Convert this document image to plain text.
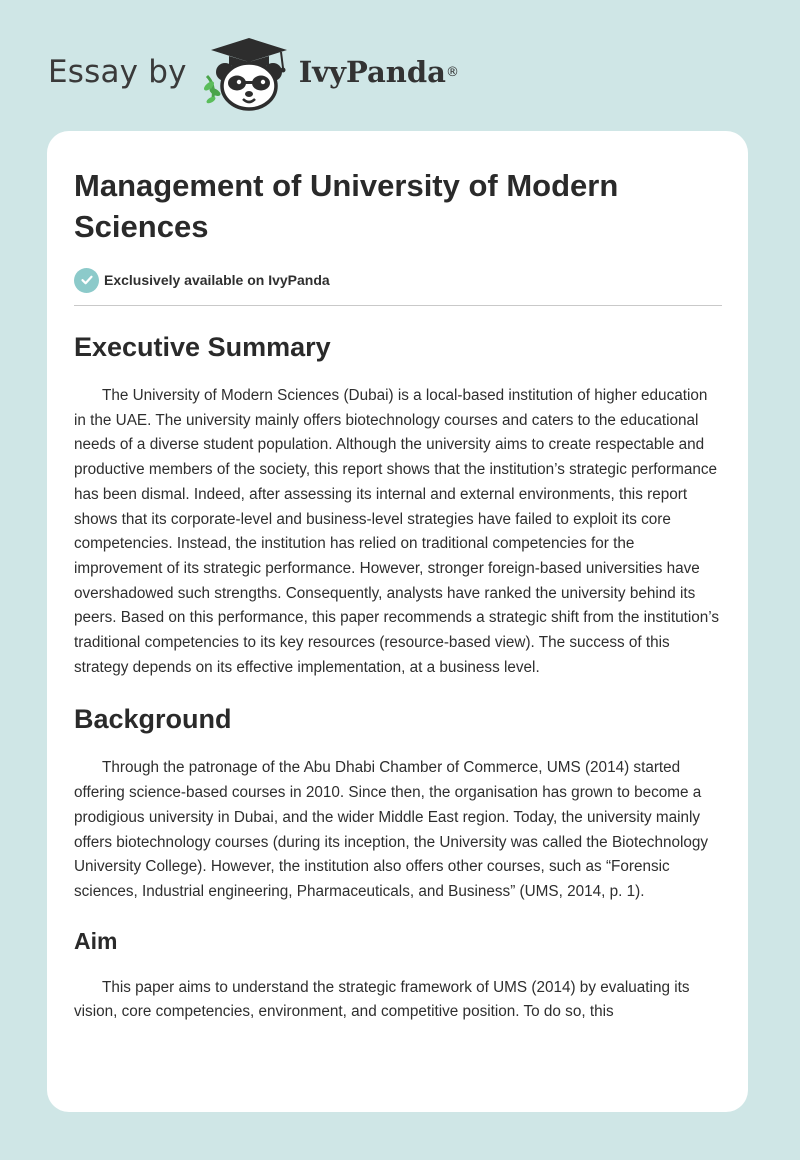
Essay by	IvyPanda ®
Management of University of Modern Sciences
Exclusively available on IvyPanda
Executive Summary

The University of Modern Sciences (Dubai) is a local-based institution of higher education in the UAE. The university mainly offers biotechnology courses and caters to the educational needs of a diverse student population. Although the university aims to create respectable and productive members of the society, this report shows that the institution’s strategic performance has been dismal. Indeed, after assessing its internal and external environments, this report shows that its corporate-level and business-level strategies have failed to exploit its core competencies. Instead, the institution has relied on traditional competencies for the improvement of its strategic performance. However, stronger foreign-based universities have overshadowed such strengths. Consequently, analysts have ranked the university behind its peers. Based on this performance, this paper recommends a strategic shift from the institution’s traditional competencies to its key resources (resource-based view). The success of this strategy depends on its effective implementation, at a business level.

Background

Through the patronage of the Abu Dhabi Chamber of Commerce, UMS (2014) started offering science-based courses in 2010. Since then, the organisation has grown to become a prodigious university in Dubai, and the wider Middle East region. Today, the university mainly offers biotechnology courses (during its inception, the University was called the Biotechnology University College). However, the institution also offers other courses, such as “Forensic sciences, Industrial engineering, Pharmaceuticals, and Business” (UMS, 2014, p. 1).

Aim

This paper aims to understand the strategic framework of UMS (2014) by evaluating its vision, core competencies, environment, and competitive position. To do so, this
